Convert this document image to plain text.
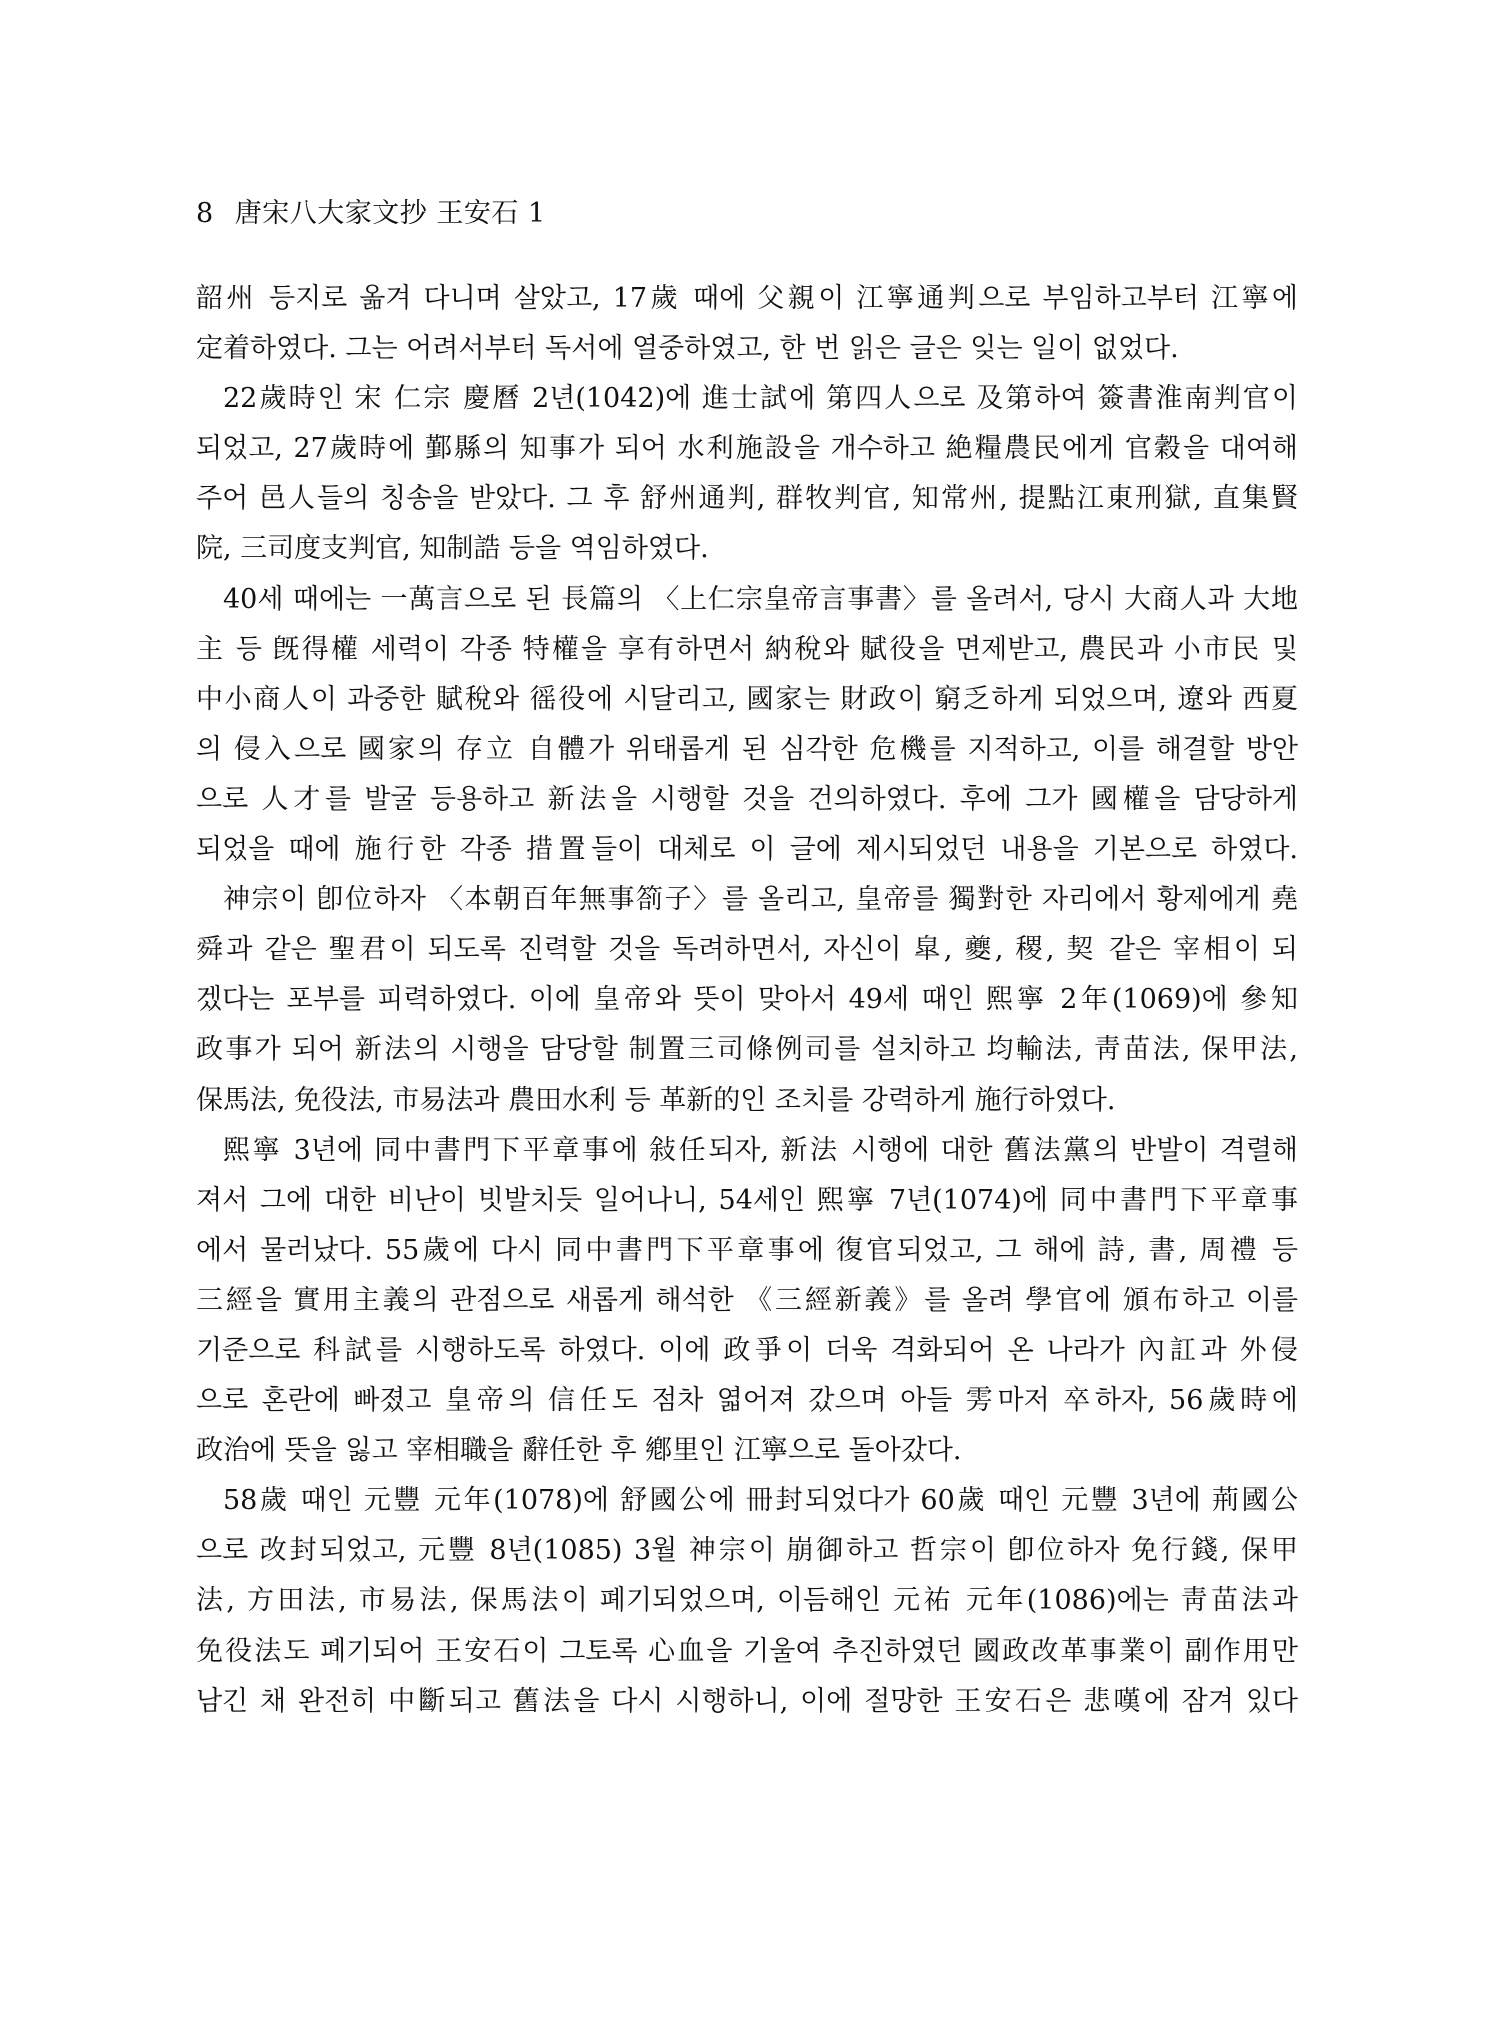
8 唐宋八大家文抄 王安石 1
韶州 등지로 옮겨 다니며 살았고, 17歲 때에 父親이 江寧通判으로 부임하고부터 江寧에
定着하였다. 그는 어려서부터 독서에 열중하였고, 한 번 읽은 글은 잊는 일이 없었다.
22歲時인 宋 仁宗 慶曆 2년(1042)에 進士試에 第四人으로 及第하여 簽書淮南判官이
되었고, 27歲時에 鄞縣의 知事가 되어 水利施設을 개수하고 絶糧農民에게 官穀을 대여해
주어 邑人들의 칭송을 받았다. 그 후 舒州通判, 群牧判官, 知常州, 提點江東刑獄, 直集賢
院, 三司度支判官, 知制誥 등을 역임하였다.
40세 때에는 一萬言으로 된 長篇의 〈上仁宗皇帝言事書〉를 올려서, 당시 大商人과 大地
主 등 旣得權 세력이 각종 特權을 享有하면서 納稅와 賦役을 면제받고, 農民과 小市民 및
中小商人이 과중한 賦稅와 徭役에 시달리고, 國家는 財政이 窮乏하게 되었으며, 遼와 西夏
의 侵入으로 國家의 存立 自體가 위태롭게 된 심각한 危機를 지적하고, 이를 해결할 방안
으로 人才를 발굴 등용하고 新法을 시행할 것을 건의하였다. 후에 그가 國權을 담당하게
되었을 때에 施行한 각종 措置들이 대체로 이 글에 제시되었던 내용을 기본으로 하였다.
神宗이 卽位하자 〈本朝百年無事箚子〉를 올리고, 皇帝를 獨對한 자리에서 황제에게 堯
舜과 같은 聖君이 되도록 진력할 것을 독려하면서, 자신이 皐, 夔, 稷, 契 같은 宰相이 되
겠다는 포부를 피력하였다. 이에 皇帝와 뜻이 맞아서 49세 때인 熙寧 2年(1069)에 參知
政事가 되어 新法의 시행을 담당할 制置三司條例司를 설치하고 均輸法, 靑苗法, 保甲法,
保馬法, 免役法, 市易法과 農田水利 등 革新的인 조치를 강력하게 施行하였다.
熙寧 3년에 同中書門下平章事에 敍任되자, 新法 시행에 대한 舊法黨의 반발이 격렬해
져서 그에 대한 비난이 빗발치듯 일어나니, 54세인 熙寧 7년(1074)에 同中書門下平章事
에서 물러났다. 55歲에 다시 同中書門下平章事에 復官되었고, 그 해에 詩, 書, 周禮 등
三經을 實用主義의 관점으로 새롭게 해석한 《三經新義》를 올려 學官에 頒布하고 이를
기준으로 科試를 시행하도록 하였다. 이에 政爭이 더욱 격화되어 온 나라가 內訌과 外侵
으로 혼란에 빠졌고 皇帝의 信任도 점차 엷어져 갔으며 아들 雱마저 卒하자, 56歲時에
政治에 뜻을 잃고 宰相職을 辭任한 후 鄕里인 江寧으로 돌아갔다.
58歲 때인 元豐 元年(1078)에 舒國公에 冊封되었다가 60歲 때인 元豐 3년에 荊國公
으로 改封되었고, 元豐 8년(1085) 3월 神宗이 崩御하고 哲宗이 卽位하자 免行錢, 保甲
法, 方田法, 市易法, 保馬法이 폐기되었으며, 이듬해인 元祐 元年(1086)에는 靑苗法과
免役法도 폐기되어 王安石이 그토록 心血을 기울여 추진하였던 國政改革事業이 副作用만
남긴 채 완전히 中斷되고 舊法을 다시 시행하니, 이에 절망한 王安石은 悲嘆에 잠겨 있다
